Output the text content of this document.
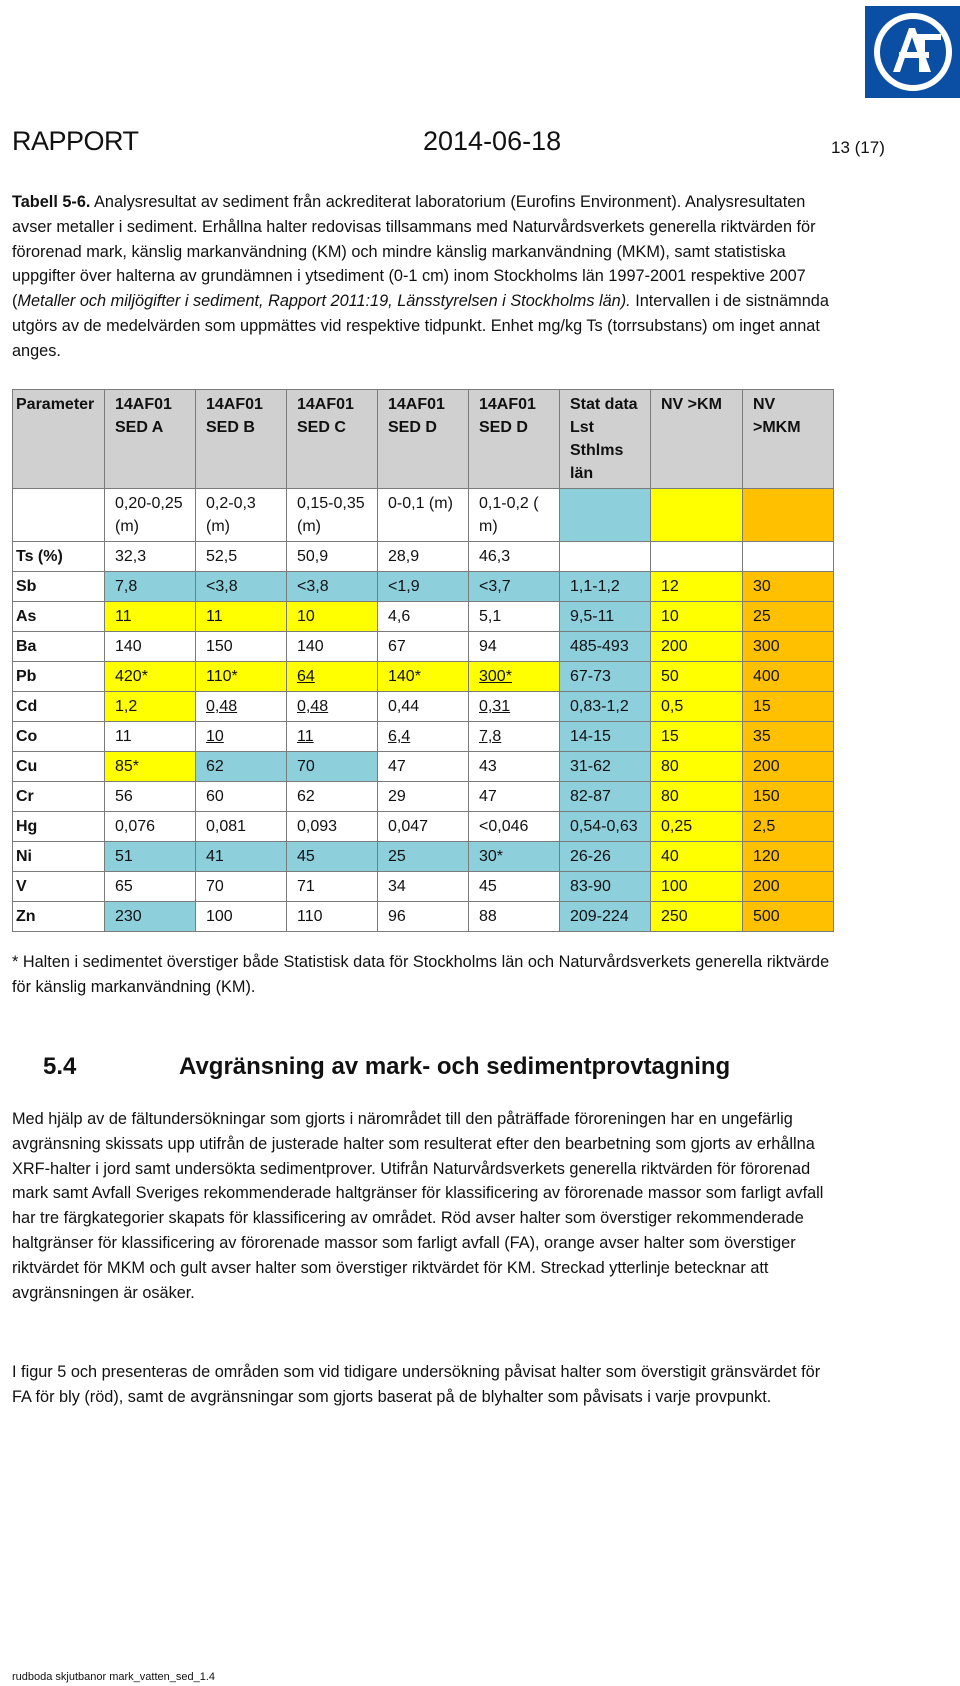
RAPPORT	2014-06-18	13 (17)
Tabell 5-6. Analysresultat av sediment från ackrediterat laboratorium (Eurofins Environment). Analysresultaten avser metaller i sediment. Erhållna halter redovisas tillsammans med Naturvårdsverkets generella riktvärden för förorenad mark, känslig markanvändning (KM) och mindre känslig markanvändning (MKM), samt statistiska uppgifter över halterna av grundämnen i ytsediment (0-1 cm) inom Stockholms län 1997-2001 respektive 2007 (Metaller och miljögifter i sediment, Rapport 2011:19, Länsstyrelsen i Stockholms län). Intervallen i de sistnämnda utgörs av de medelvärden som uppmättes vid respektive tidpunkt. Enhet mg/kg Ts (torrsubstans) om inget annat anges.
Parameter	14AF01 SED A	14AF01 SED B	14AF01 SED C	14AF01 SED D	14AF01 SED D	Stat data Lst Sthlms län	NV >KM	NV >MKM
	0,20-0,25 (m)	0,2-0,3 (m)	0,15-0,35 (m)	0-0,1 (m)	0,1-0,2 ( m)			
Ts (%)	32,3	52,5	50,9	28,9	46,3			
Sb	7,8	<3,8	<3,8	<1,9	<3,7	1,1-1,2	12	30
As	11	11	10	4,6	5,1	9,5-11	10	25
Ba	140	150	140	67	94	485-493	200	300
Pb	420*	110*	64	140*	300*	67-73	50	400
Cd	1,2	0,48	0,48	0,44	0,31	0,83-1,2	0,5	15
Co	11	10	11	6,4	7,8	14-15	15	35
Cu	85*	62	70	47	43	31-62	80	200
Cr	56	60	62	29	47	82-87	80	150
Hg	0,076	0,081	0,093	0,047	<0,046	0,54-0,63	0,25	2,5
Ni	51	41	45	25	30*	26-26	40	120
V	65	70	71	34	45	83-90	100	200
Zn	230	100	110	96	88	209-224	250	500
* Halten i sedimentet överstiger både Statistisk data för Stockholms län och Naturvårdsverkets generella riktvärde för känslig markanvändning (KM).
5.4	Avgränsning av mark- och sedimentprovtagning
Med hjälp av de fältundersökningar som gjorts i närområdet till den påträffade föroreningen har en ungefärlig avgränsning skissats upp utifrån de justerade halter som resulterat efter den bearbetning som gjorts av erhållna XRF-halter i jord samt undersökta sedimentprover. Utifrån Naturvårdsverkets generella riktvärden för förorenad mark samt Avfall Sveriges rekommenderade haltgränser för klassificering av förorenade massor som farligt avfall har tre färgkategorier skapats för klassificering av området. Röd avser halter som överstiger rekommenderade haltgränser för klassificering av förorenade massor som farligt avfall (FA), orange avser halter som överstiger riktvärdet för MKM och gult avser halter som överstiger riktvärdet för KM. Streckad ytterlinje betecknar att avgränsningen är osäker.
I figur 5 och presenteras de områden som vid tidigare undersökning påvisat halter som överstigit gränsvärdet för FA för bly (röd), samt de avgränsningar som gjorts baserat på de blyhalter som påvisats i varje provpunkt.
rudboda skjutbanor mark_vatten_sed_1.4
